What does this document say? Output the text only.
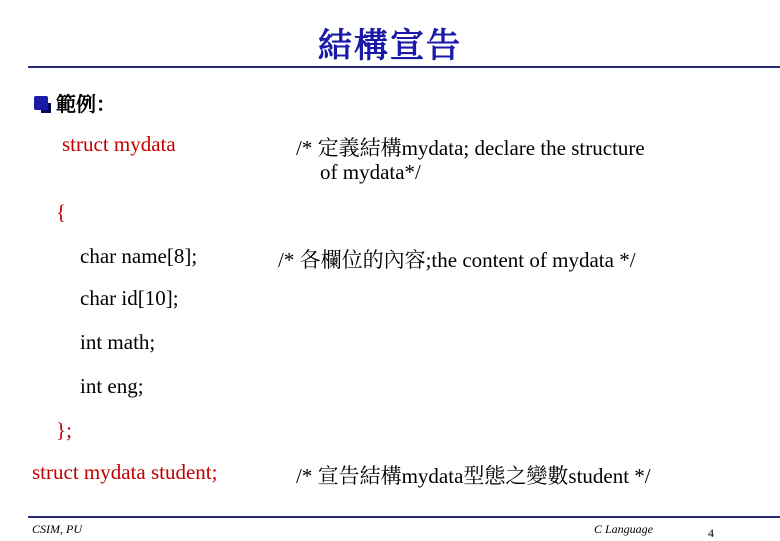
結構宣告
範例：
struct mydata	/* 定義結構mydata; declare the structure
of mydata*/
{
char name[8];	/* 各欄位的內容;the content of mydata */
char id[10];
int math;
int eng;
};
struct mydata student;	/* 宣告結構mydata型態之變數student */
CSIM, PU	C Language	4
